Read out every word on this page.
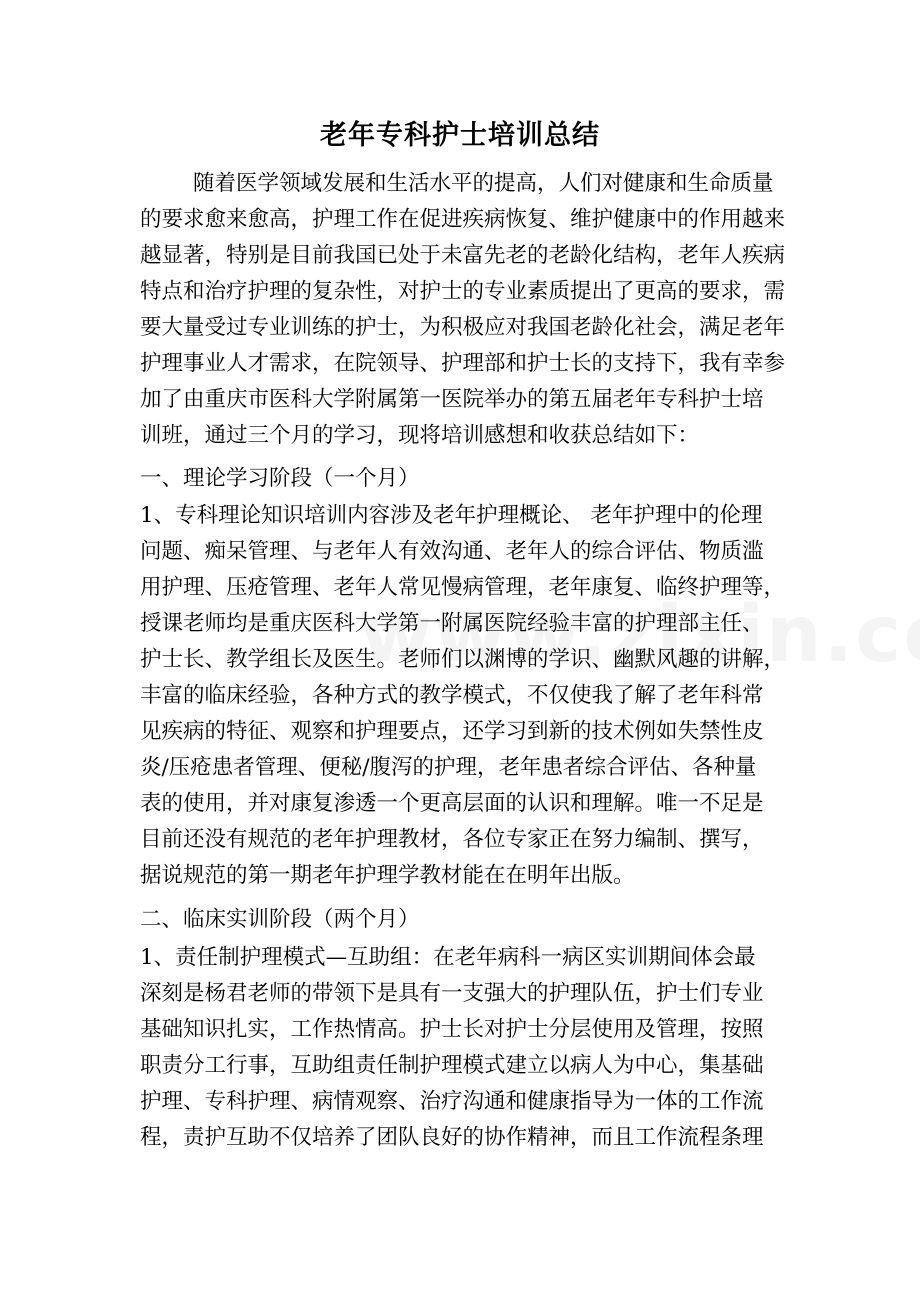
老年专科护士培训总结
随着医学领域发展和生活水平的提高，人们对健康和生命质量
的要求愈来愈高，护理工作在促进疾病恢复、维护健康中的作用越来
越显著，特别是目前我国已处于未富先老的老龄化结构，老年人疾病
特点和治疗护理的复杂性，对护士的专业素质提出了更高的要求，需
要大量受过专业训练的护士，为积极应对我国老龄化社会，满足老年
护理事业人才需求，在院领导、护理部和护士长的支持下，我有幸参
加了由重庆市医科大学附属第一医院举办的第五届老年专科护士培
训班，通过三个月的学习，现将培训感想和收获总结如下：
一、理论学习阶段（一个月）
1、专科理论知识培训内容涉及老年护理概论、 老年护理中的伦理
问题、痴呆管理、与老年人有效沟通、老年人的综合评估、物质滥
用护理、压疮管理、老年人常见慢病管理，老年康复、临终护理等，
授课老师均是重庆医科大学第一附属医院经验丰富的护理部主任、
护士长、教学组长及医生。老师们以渊博的学识、幽默风趣的讲解，
丰富的临床经验，各种方式的教学模式，不仅使我了解了老年科常
见疾病的特征、观察和护理要点，还学习到新的技术例如失禁性皮
炎/压疮患者管理、便秘/腹泻的护理，老年患者综合评估、各种量
表的使用，并对康复渗透一个更高层面的认识和理解。唯一不足是
目前还没有规范的老年护理教材，各位专家正在努力编制、撰写，
据说规范的第一期老年护理学教材能在在明年出版。
二、临床实训阶段（两个月）
1、责任制护理模式—互助组：在老年病科一病区实训期间体会最
深刻是杨君老师的带领下是具有一支强大的护理队伍，护士们专业
基础知识扎实，工作热情高。护士长对护士分层使用及管理，按照
职责分工行事，互助组责任制护理模式建立以病人为中心，集基础
护理、专科护理、病情观察、治疗沟通和健康指导为一体的工作流
程，责护互助不仅培养了团队良好的协作精神，而且工作流程条理
